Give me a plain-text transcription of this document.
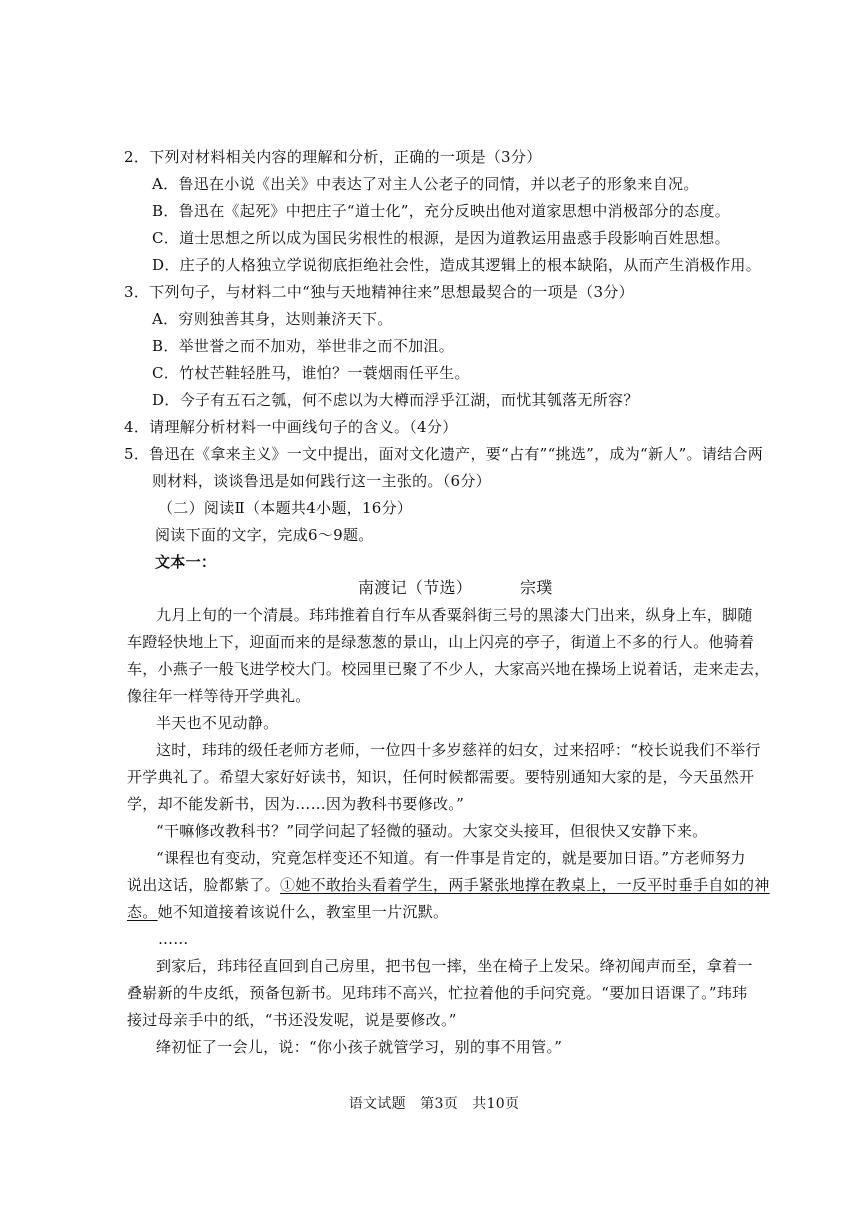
2．下列对材料相关内容的理解和分析，正确的一项是（3分）
A．鲁迅在小说《出关》中表达了对主人公老子的同情，并以老子的形象来自况。
B．鲁迅在《起死》中把庄子“道士化”，充分反映出他对道家思想中消极部分的态度。
C．道士思想之所以成为国民劣根性的根源，是因为道教运用蛊惑手段影响百姓思想。
D．庄子的人格独立学说彻底拒绝社会性，造成其逻辑上的根本缺陷，从而产生消极作用。
3．下列句子，与材料二中“独与天地精神往来”思想最契合的一项是（3分）
A．穷则独善其身，达则兼济天下。
B．举世誉之而不加劝，举世非之而不加沮。
C．竹杖芒鞋轻胜马，谁怕？一蓑烟雨任平生。
D．今子有五石之瓠，何不虑以为大樽而浮乎江湖，而忧其瓠落无所容？
4．请理解分析材料一中画线句子的含义。（4分）
5．鲁迅在《拿来主义》一文中提出，面对文化遗产，要“占有”“挑选”，成为“新人”。请结合两
则材料，谈谈鲁迅是如何践行这一主张的。（6分）
（二）阅读Ⅱ（本题共4小题，16分）
阅读下面的文字，完成6～9题。
文本一：
南渡记（节选）	宗璞
九月上旬的一个清晨。玮玮推着自行车从香粟斜街三号的黑漆大门出来，纵身上车，脚随
车蹬轻快地上下，迎面而来的是绿葱葱的景山，山上闪亮的亭子，街道上不多的行人。他骑着
车，小燕子一般飞进学校大门。校园里已聚了不少人，大家高兴地在操场上说着话，走来走去，
像往年一样等待开学典礼。
半天也不见动静。
这时，玮玮的级任老师方老师，一位四十多岁慈祥的妇女，过来招呼：“校长说我们不举行
开学典礼了。希望大家好好读书，知识，任何时候都需要。要特别通知大家的是，今天虽然开
学，却不能发新书，因为……因为教科书要修改。”
“干嘛修改教科书？”同学问起了轻微的骚动。大家交头接耳，但很快又安静下来。
“课程也有变动，究竟怎样变还不知道。有一件事是肯定的，就是要加日语。”方老师努力
说出这话，脸都紫了。①她不敢抬头看着学生，两手紧张地撑在教桌上，一反平时垂手自如的神
态。她不知道接着该说什么，教室里一片沉默。
……
到家后，玮玮径直回到自己房里，把书包一摔，坐在椅子上发呆。绛初闻声而至，拿着一
叠崭新的牛皮纸，预备包新书。见玮玮不高兴，忙拉着他的手问究竟。“要加日语课了。”玮玮
接过母亲手中的纸，“书还没发呢，说是要修改。”
绛初怔了一会儿，说：“你小孩子就管学习，别的事不用管。”
语文试题　第3页　共10页
